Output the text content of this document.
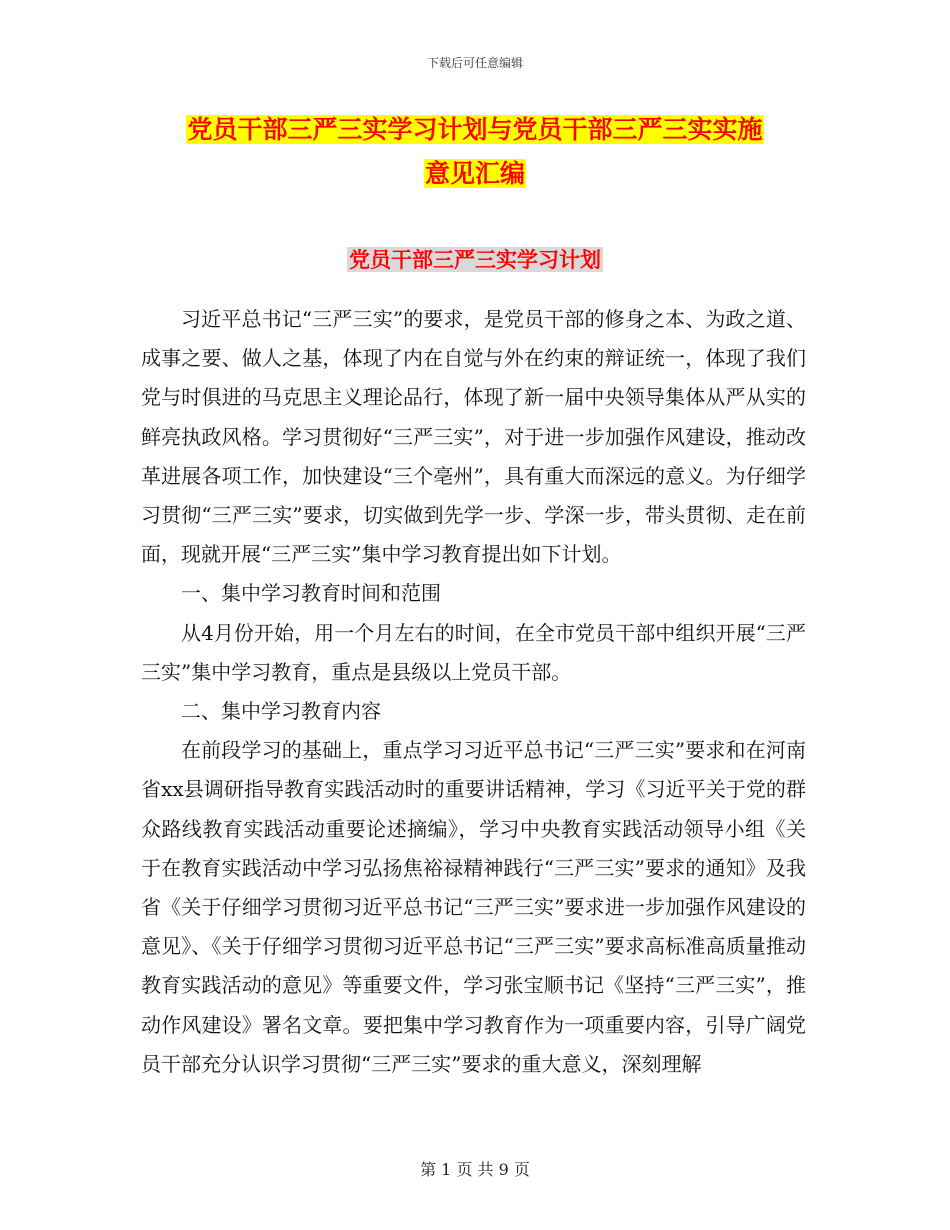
下载后可任意编辑
党员干部三严三实学习计划与党员干部三严三实实施
意见汇编
党员干部三严三实学习计划

习近平总书记“三严三实”的要求，是党员干部的修身之本、为政之道、成事之要、做人之基，体现了内在自觉与外在约束的辩证统一，体现了我们党与时俱进的马克思主义理论品行，体现了新一届中央领导集体从严从实的鲜亮执政风格。学习贯彻好“三严三实”，对于进一步加强作风建设，推动改革进展各项工作，加快建设“三个亳州”，具有重大而深远的意义。为仔细学习贯彻“三严三实”要求，切实做到先学一步、学深一步，带头贯彻、走在前面，现就开展“三严三实”集中学习教育提出如下计划。

一、集中学习教育时间和范围

从4月份开始，用一个月左右的时间，在全市党员干部中组织开展“三严三实”集中学习教育，重点是县级以上党员干部。

二、集中学习教育内容

在前段学习的基础上，重点学习习近平总书记“三严三实”要求和在河南省xx县调研指导教育实践活动时的重要讲话精神，学习《习近平关于党的群众路线教育实践活动重要论述摘编》，学习中央教育实践活动领导小组《关于在教育实践活动中学习弘扬焦裕禄精神践行“三严三实”要求的通知》及我省《关于仔细学习贯彻习近平总书记“三严三实”要求进一步加强作风建设的意见》、《关于仔细学习贯彻习近平总书记“三严三实”要求高标准高质量推动教育实践活动的意见》等重要文件，学习张宝顺书记《坚持“三严三实”，推动作风建设》署名文章。要把集中学习教育作为一项重要内容，引导广阔党员干部充分认识学习贯彻“三严三实”要求的重大意义，深刻理解

第 1 页 共 9 页
